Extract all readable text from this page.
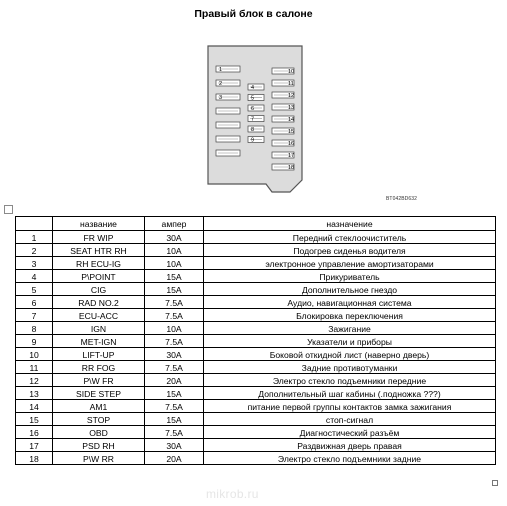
Правый блок в салоне
1
2
3
4
5
6
7
8
9
10
11
12
13
14
15
16
17
18
BT042BD632
	название	ампер	назначение
1	FR WIP	30A	Передний стеклоочиститель
2	SEAT HTR RH	10A	Подогрев сиденья водителя
3	RH ECU-IG	10A	электронное управление амортизаторами
4	P\POINT	15A	Прикуриватель
5	CIG	15A	Дополнительное гнездо
6	RAD NO.2	7.5A	Аудио, навигационная система
7	ECU-ACC	7.5A	Блокировка переключения
8	IGN	10A	Зажигание
9	MET-IGN	7.5A	Указатели и приборы
10	LIFT-UP	30A	Боковой откидной лист (наверно дверь)
11	RR FOG	7.5A	Задние противотуманки
12	P\W FR	20A	Электро стекло подъемники передние
13	SIDE STEP	15A	Дополнительный шаг кабины (.подножка ???)
14	AM1	7.5A	питание первой группы контактов замка зажигания
15	STOP	15A	стоп-сигнал
16	OBD	7.5A	Диагностический разъём
17	PSD RH	30A	Раздвижная дверь правая
18	P\W RR	20A	Электро стекло подъемники задние
mikrob.ru
